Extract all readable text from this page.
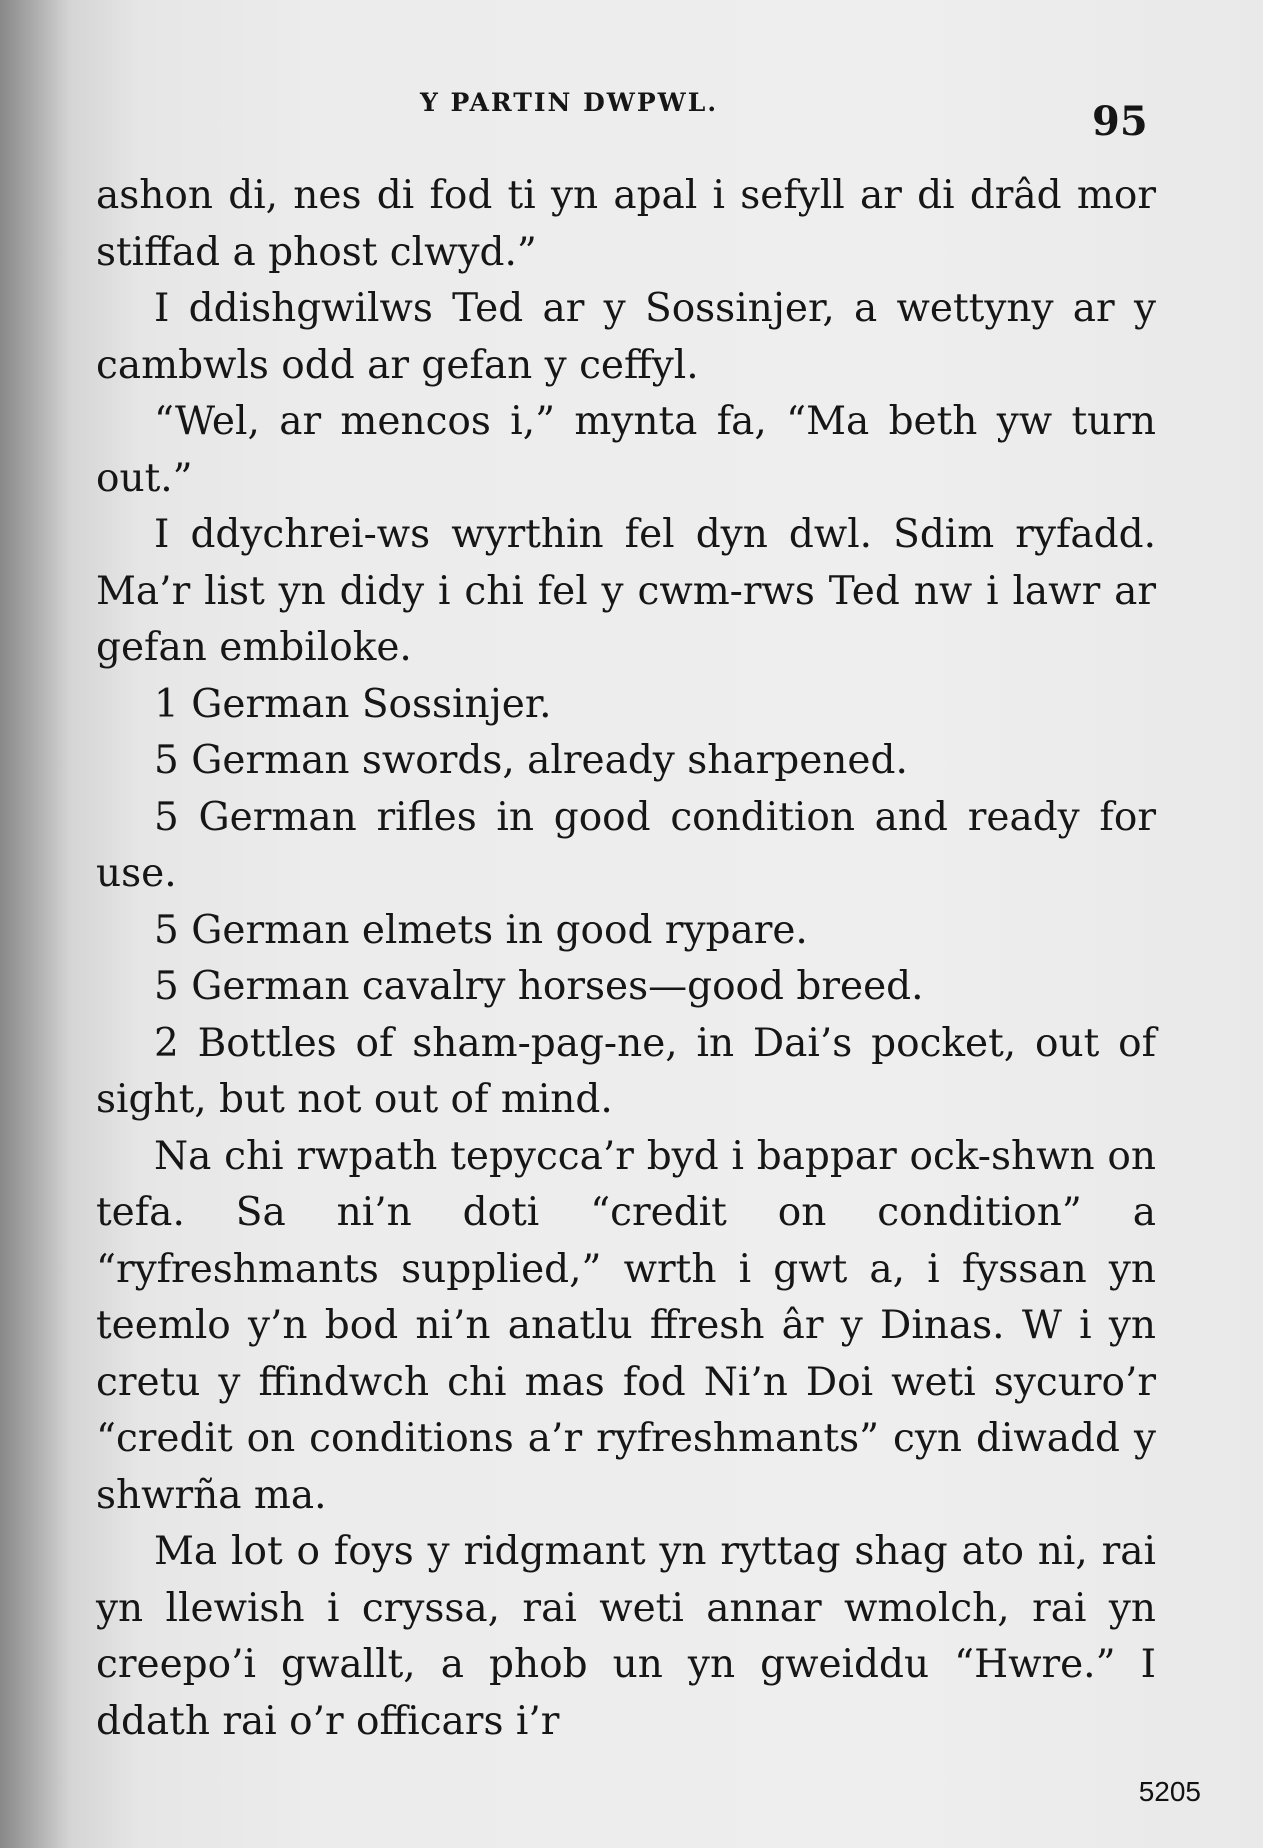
Y PARTIN DWPWL.	95

ashon di, nes di fod ti yn apal i sefyll ar di drâd mor stiffad a phost clwyd.”

I ddishgwilws Ted ar y Sossinjer, a wettyny ar y cambwls odd ar gefan y ceffyl.

“Wel, ar mencos i,” mynta fa, “Ma beth yw turn out.”

I ddychrei-ws wyrthin fel dyn dwl. Sdim ryfadd. Ma’r list yn didy i chi fel y cwm-rws Ted nw i lawr ar gefan embiloke.

1 German Sossinjer.

5 German swords, already sharpened.

5 German rifles in good condition and ready for use.

5 German elmets in good rypare.

5 German cavalry horses—good breed.

2 Bottles of sham-pag-ne, in Dai’s pocket, out of sight, but not out of mind.

Na chi rwpath tepycca’r byd i bappar ock-shwn on tefa. Sa ni’n doti “credit on condition” a “ryfreshmants supplied,” wrth i gwt a, i fyssan yn teemlo y’n bod ni’n anatlu ffresh âr y Dinas. W i yn cretu y ffindwch chi mas fod Ni’n Doi weti sycuro’r “credit on conditions a’r ryfreshmants” cyn diwadd y shwrña ma.

Ma lot o foys y ridgmant yn ryttag shag ato ni, rai yn llewish i cryssa, rai weti annar wmolch, rai yn creepo’i gwallt, a phob un yn gweiddu “Hwre.” I ddath rai o’r officars i’r

5205
